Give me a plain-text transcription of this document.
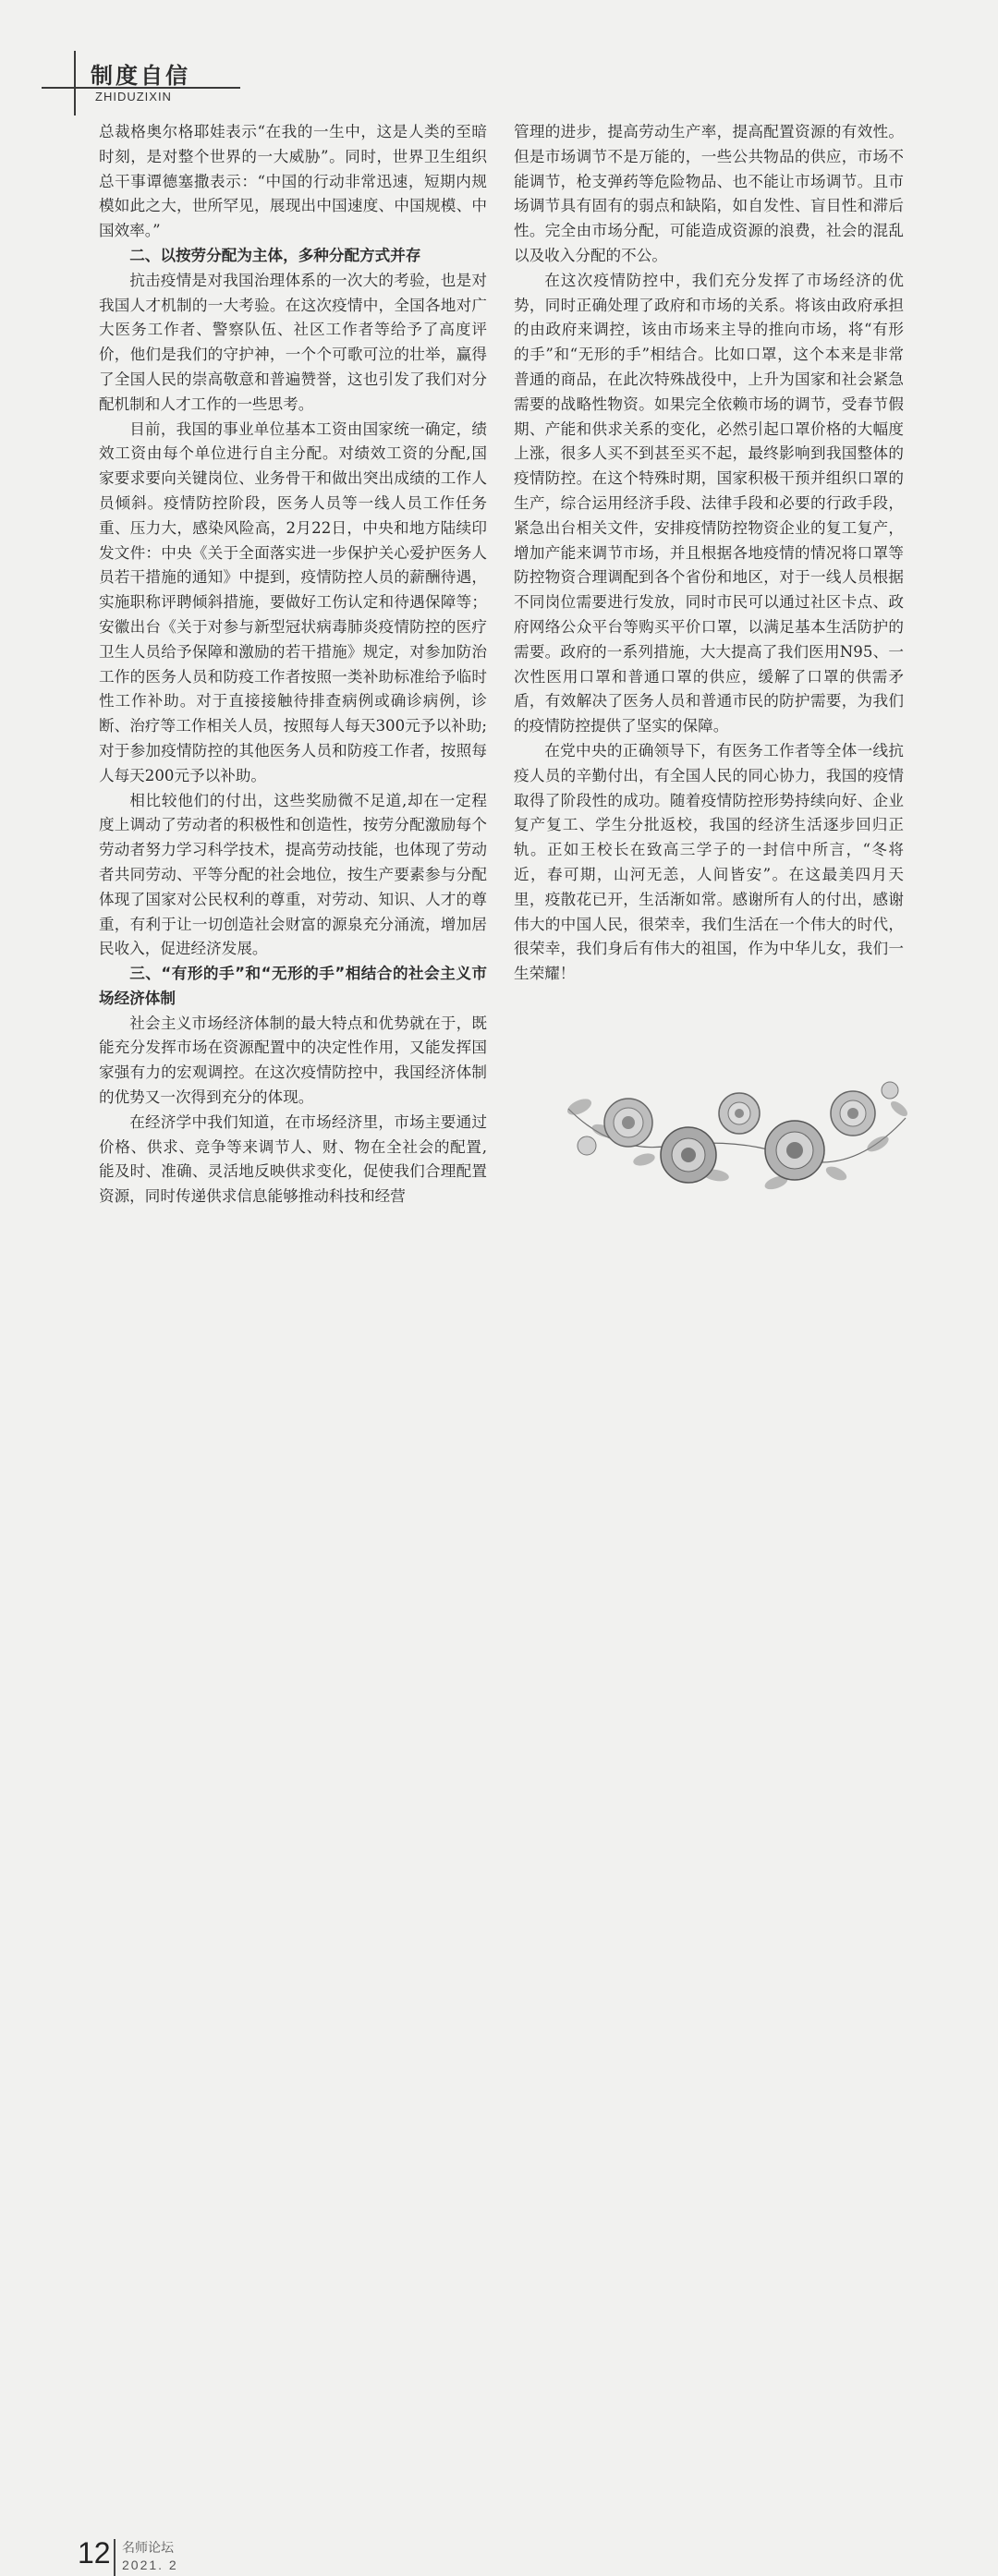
制度自信
ZHIDUZIXIN

总裁格奥尔格耶娃表示“在我的一生中，这是人类的至暗时刻，是对整个世界的一大威胁”。同时，世界卫生组织总干事谭德塞撒表示：“中国的行动非常迅速，短期内规模如此之大，世所罕见，展现出中国速度、中国规模、中国效率。”

二、以按劳分配为主体，多种分配方式并存

抗击疫情是对我国治理体系的一次大的考验，也是对我国人才机制的一大考验。在这次疫情中，全国各地对广大医务工作者、警察队伍、社区工作者等给予了高度评价，他们是我们的守护神，一个个可歌可泣的壮举，赢得了全国人民的崇高敬意和普遍赞誉，这也引发了我们对分配机制和人才工作的一些思考。

目前，我国的事业单位基本工资由国家统一确定，绩效工资由每个单位进行自主分配。对绩效工资的分配,国家要求要向关键岗位、业务骨干和做出突出成绩的工作人员倾斜。疫情防控阶段，医务人员等一线人员工作任务重、压力大，感染风险高，2月22日，中央和地方陆续印发文件：中央《关于全面落实进一步保护关心爱护医务人员若干措施的通知》中提到，疫情防控人员的薪酬待遇，实施职称评聘倾斜措施，要做好工伤认定和待遇保障等；安徽出台《关于对参与新型冠状病毒肺炎疫情防控的医疗卫生人员给予保障和激励的若干措施》规定，对参加防治工作的医务人员和防疫工作者按照一类补助标准给予临时性工作补助。对于直接接触待排查病例或确诊病例，诊断、治疗等工作相关人员，按照每人每天300元予以补助;对于参加疫情防控的其他医务人员和防疫工作者，按照每人每天200元予以补助。

相比较他们的付出，这些奖励微不足道,却在一定程度上调动了劳动者的积极性和创造性，按劳分配激励每个劳动者努力学习科学技术，提高劳动技能，也体现了劳动者共同劳动、平等分配的社会地位，按生产要素参与分配体现了国家对公民权利的尊重，对劳动、知识、人才的尊重，有利于让一切创造社会财富的源泉充分涌流，增加居民收入，促进经济发展。

三、“有形的手”和“无形的手”相结合的社会主义市场经济体制

社会主义市场经济体制的最大特点和优势就在于，既能充分发挥市场在资源配置中的决定性作用，又能发挥国家强有力的宏观调控。在这次疫情防控中，我国经济体制的优势又一次得到充分的体现。

在经济学中我们知道，在市场经济里，市场主要通过价格、供求、竞争等来调节人、财、物在全社会的配置,能及时、准确、灵活地反映供求变化，促使我们合理配置资源，同时传递供求信息能够推动科技和经营

管理的进步，提高劳动生产率，提高配置资源的有效性。但是市场调节不是万能的，一些公共物品的供应，市场不能调节，枪支弹药等危险物品、也不能让市场调节。且市场调节具有固有的弱点和缺陷，如自发性、盲目性和滞后性。完全由市场分配，可能造成资源的浪费，社会的混乱以及收入分配的不公。

在这次疫情防控中，我们充分发挥了市场经济的优势，同时正确处理了政府和市场的关系。将该由政府承担的由政府来调控，该由市场来主导的推向市场，将“有形的手”和“无形的手”相结合。比如口罩，这个本来是非常普通的商品，在此次特殊战役中，上升为国家和社会紧急需要的战略性物资。如果完全依赖市场的调节，受春节假期、产能和供求关系的变化，必然引起口罩价格的大幅度上涨，很多人买不到甚至买不起，最终影响到我国整体的疫情防控。在这个特殊时期，国家积极干预并组织口罩的生产，综合运用经济手段、法律手段和必要的行政手段，紧急出台相关文件，安排疫情防控物资企业的复工复产，增加产能来调节市场，并且根据各地疫情的情况将口罩等防控物资合理调配到各个省份和地区，对于一线人员根据不同岗位需要进行发放，同时市民可以通过社区卡点、政府网络公众平台等购买平价口罩，以满足基本生活防护的需要。政府的一系列措施，大大提高了我们医用N95、一次性医用口罩和普通口罩的供应，缓解了口罩的供需矛盾，有效解决了医务人员和普通市民的防护需要，为我们的疫情防控提供了坚实的保障。

在党中央的正确领导下，有医务工作者等全体一线抗疫人员的辛勤付出，有全国人民的同心协力，我国的疫情取得了阶段性的成功。随着疫情防控形势持续向好、企业复产复工、学生分批返校，我国的经济生活逐步回归正轨。正如王校长在致高三学子的一封信中所言，“冬将近，春可期，山河无恙，人间皆安”。在这最美四月天里，疫散花已开，生活渐如常。感谢所有人的付出，感谢伟大的中国人民，很荣幸，我们生活在一个伟大的时代，很荣幸，我们身后有伟大的祖国，作为中华儿女，我们一生荣耀！

12 名师论坛
2021. 2
